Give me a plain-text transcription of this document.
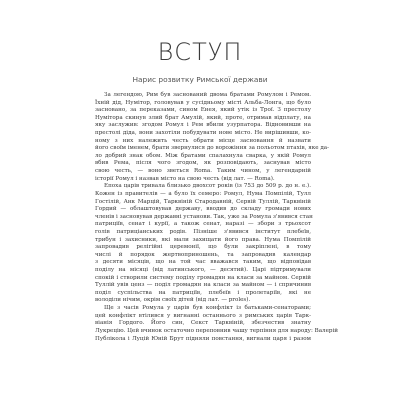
ВСТУП
Нарис розвитку Римської держави

За легендою, Рим був заснований двома братами Ромулом і Ремом.

Їхній дід, Нумітор, головував у сусідньому місті Альба-Лонга, що було

засновано, за переказами, сином Енея, який утік із Трої. З престолу

Нумітора скинув злий брат Амулій, який, проте, отримав відплату, на

яку заслужив: згодом Ромул і Рем вбили узурпатора. Відновивши на

престолі діда, вони захотіли побудувати нове місто. Не вирішивши, ко-

ному з них належить честь обрати місце засновання й назвати

його своїм іменем, брати звернулися до ворожіння за польотом птахів, яке да-

ло добрий знак обом. Між братами спалахнула сварка, у якій Ромул

вбив Рема, після чого згодом, як розповідають, заснував місто

свою честь, — воно зветься Roma. Таким чином, у легендарній

історії Ромул і назвав місто на свою честь (від лат. — Roma).

Епоха царів тривала близько двохсот років (із 753 до 509 р. до н. е.).

Кожен із правителів — а було їх семеро: Ромул, Нума Помпілій, Тулл

Гостілій, Анк Марцій, Тарквіній Стародавній, Сервій Туллій, Тарквіній

Гордий — облаштовував державу, вводив до складу громади нових

членів і засновував державні установи. Так, уже за Ромула з'явився стан

патриціїв, сенат і курії, а також сенат, наразі — збори з трьохсот

голів патриціанських родів. Пізніше з'явився інститут плебеїв,

трибун і захисники, які мали захищати його права. Нума Помпілій

запровадив релігійні церемонії, що були закріплені, в тому

числі й порядок жертвоприношень, та запровадив календар

з десяти місяців, що на той час вважався таким, що відповідав

поділу на місяці (від латинського, — десятий). Царі підтримували

спокій і створили систему поділу громадян на класи за майном. Сервій

Туллій увів ценз — поділ громадян на класи за майном — і спричинив

поділ суспільства на патриціїв, плебеїв і пролетаріїв, які не

володіли нічим, окрім своїх дітей (від лат. — proles).

Ще з часів Ромула у царів був конфлікт із батьками-сенаторами;

цей конфлікт втілився у вигнанні останнього з римських царів Тарк-

віанія Гордого. Його син, Секст Тарквіній, збезчестив знатну

Лукрецію. Цей вчинок остаточно переповнив чашу терпіння для народу: Валерій

Публікола і Луцій Юній Брут підняли повстання, вигнали царя і разом
